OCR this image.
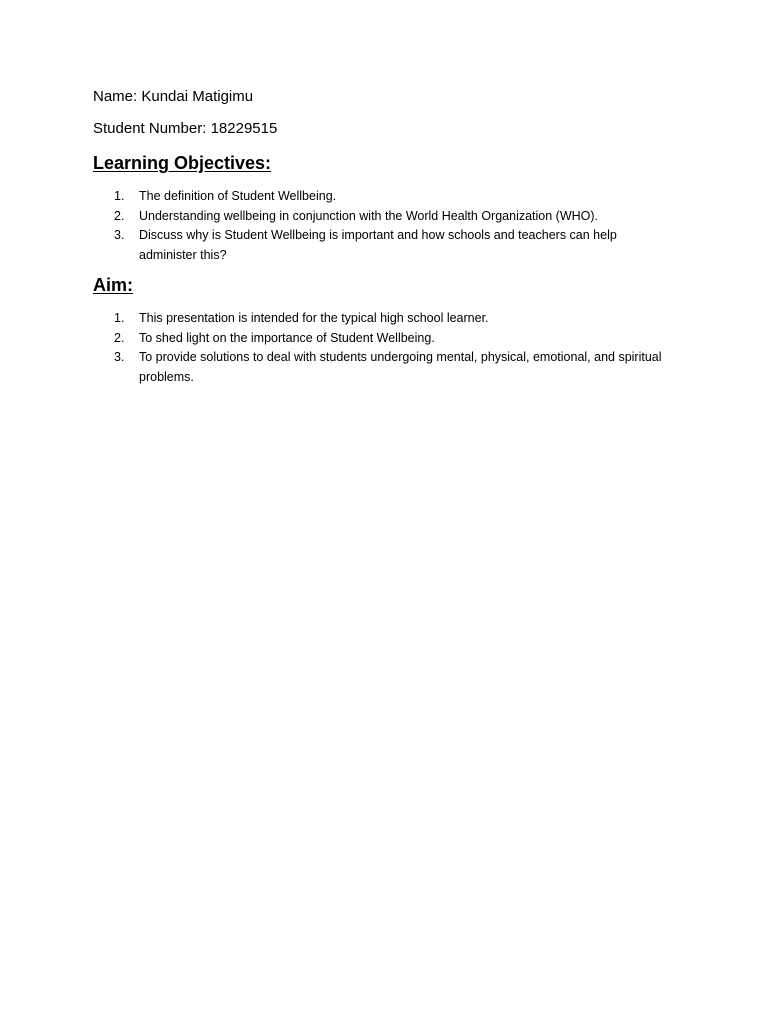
Name: Kundai Matigimu

Student Number: 18229515

Learning Objectives:
1. The definition of Student Wellbeing.
2. Understanding wellbeing in conjunction with the World Health Organization (WHO).
3. Discuss why is Student Wellbeing is important and how schools and teachers can help administer this?
Aim:
1. This presentation is intended for the typical high school learner.
2. To shed light on the importance of Student Wellbeing.
3. To provide solutions to deal with students undergoing mental, physical, emotional, and spiritual problems.
